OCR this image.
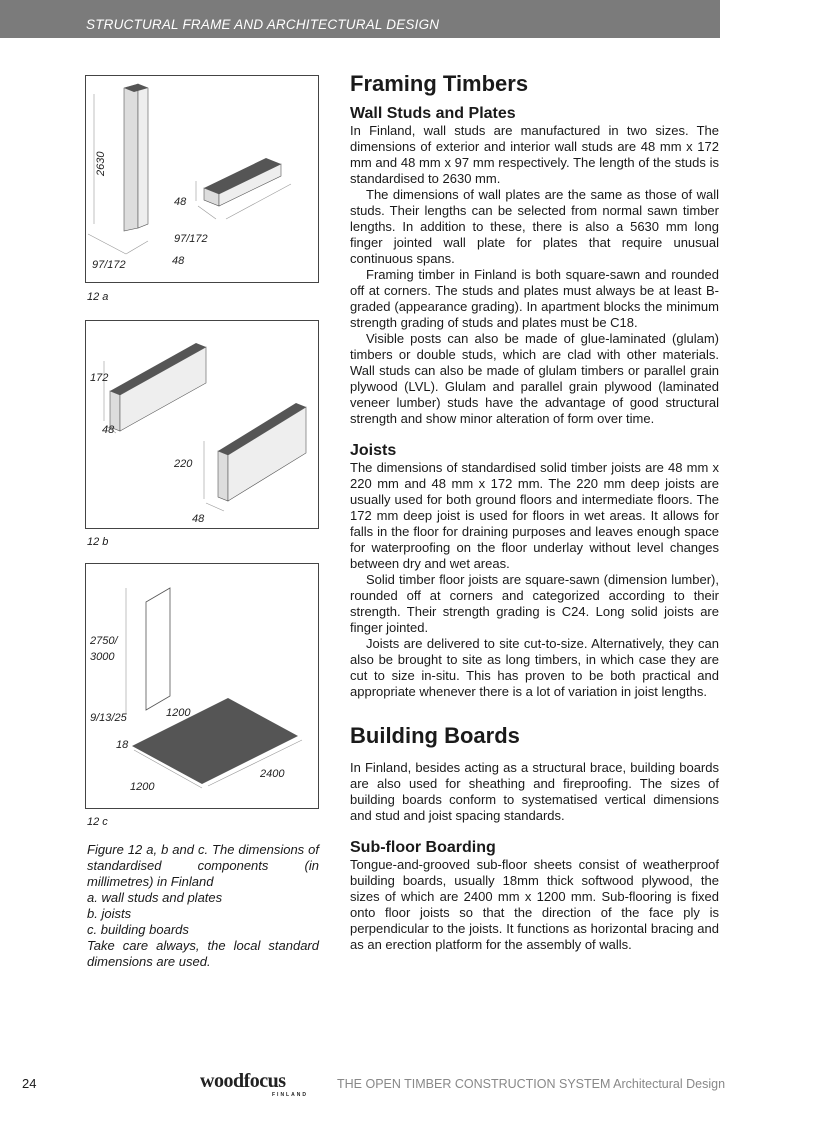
STRUCTURAL FRAME AND ARCHITECTURAL DESIGN
2630
48
97/172
97/172	48
12 a
172
48
220
48
12 b
2750/
3000
9/13/25	1200
18
2400
1200
12 c
Figure 12 a, b and c. The dimensions of standardised components (in millimetres) in Finland
a. wall studs and plates
b. joists
c. building boards
Take care always, the local standard dimensions are used.
Framing Timbers
Wall Studs and Plates

In Finland, wall studs are manufactured in two sizes. The dimensions of exterior and interior wall studs are 48 mm x 172 mm and 48 mm x 97 mm respectively. The length of the studs is standardised to 2630 mm.

The dimensions of wall plates are the same as those of wall studs. Their lengths can be selected from normal sawn timber lengths. In addition to these, there is also a 5630 mm long finger jointed wall plate for plates that require unusual continuous spans.

Framing timber in Finland is both square-sawn and rounded off at corners. The studs and plates must always be at least B-graded (appearance grading). In apartment blocks the minimum strength grading of studs and plates must be C18.

Visible posts can also be made of glue-laminated (glulam) timbers or double studs, which are clad with other materials. Wall studs can also be made of glulam timbers or parallel grain plywood (LVL). Glulam and parallel grain plywood (laminated veneer lumber) studs have the advantage of good structural strength and show minor alteration of form over time.

Joists

The dimensions of standardised solid timber joists are 48 mm x 220 mm and 48 mm x 172 mm. The 220 mm deep joists are usually used for both ground floors and intermediate floors. The 172 mm deep joist is used for floors in wet areas. It allows for falls in the floor for draining purposes and leaves enough space for waterproofing on the floor underlay without level changes between dry and wet areas.

Solid timber floor joists are square-sawn (dimension lumber), rounded off at corners and categorized according to their strength. Their strength grading is C24. Long solid joists are finger jointed.

Joists are delivered to site cut-to-size. Alternatively, they can also be brought to site as long timbers, in which case they are cut to size in-situ. This has proven to be both practical and appropriate whenever there is a lot of variation in joist lengths.

Building Boards

In Finland, besides acting as a structural brace, building boards are also used for sheathing and fireproofing. The sizes of building boards conform to systematised vertical dimensions and stud and joist spacing standards.

Sub-floor Boarding

Tongue-and-grooved sub-floor sheets consist of weatherproof building boards, usually 18mm thick softwood plywood, the sizes of which are 2400 mm x 1200 mm. Sub-flooring is fixed onto floor joists so that the direction of the face ply is perpendicular to the joists. It functions as horizontal bracing and as an erection platform for the assembly of walls.

24	woodfocus
FINLAND
THE OPEN TIMBER CONSTRUCTION SYSTEM Architectural Design
